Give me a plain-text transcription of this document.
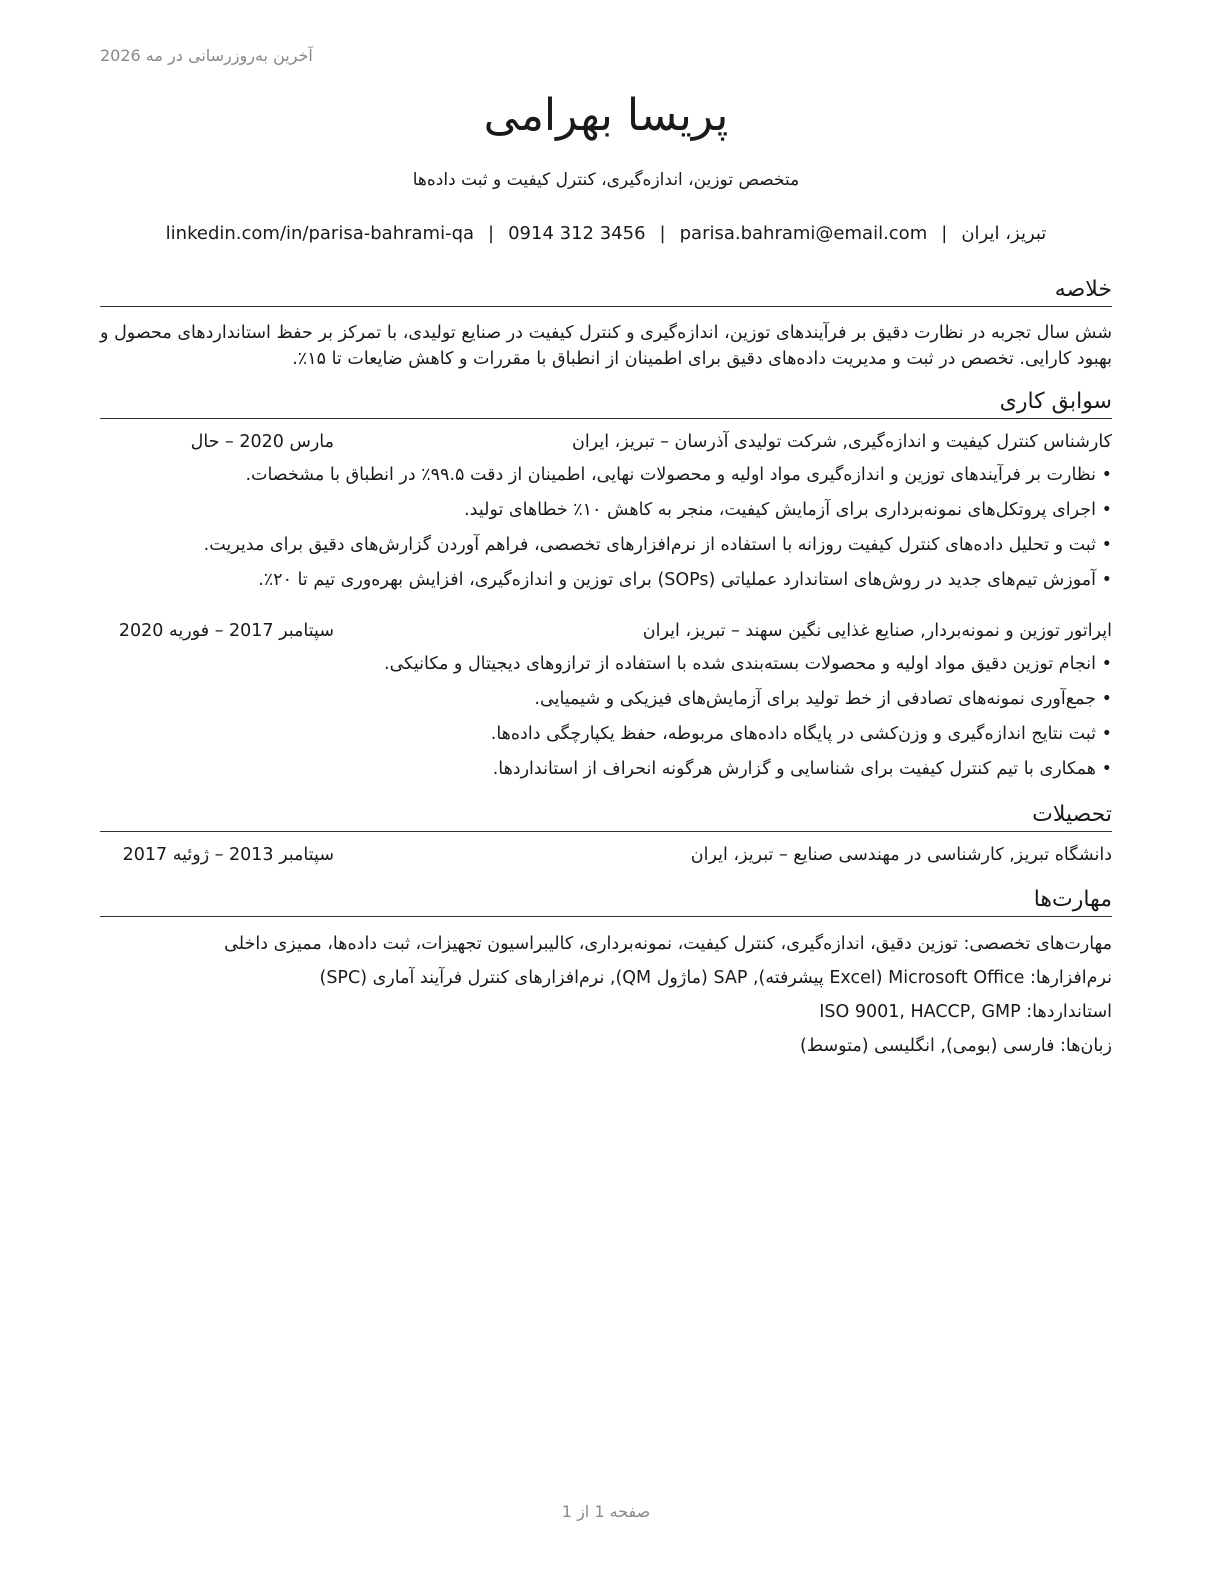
آخرین به‌روزرسانی در مه 2026
پریسا بهرامی
متخصص توزین، اندازه‌گیری، کنترل کیفیت و ثبت داده‌ها
تبریز، ایران|parisa.bahrami@email.com|0914 312 3456|linkedin.com/in/parisa-bahrami-qa
خلاصه
شش سال تجربه در نظارت دقیق بر فرآیندهای توزین، اندازه‌گیری و کنترل کیفیت در صنایع تولیدی، با تمرکز بر حفظ استانداردهای محصول و بهبود کارایی. تخصص در ثبت و مدیریت داده‌های دقیق برای اطمینان از انطباق با مقررات و کاهش ضایعات تا ۱۵٪.
سوابق کاری
کارشناس کنترل کیفیت و اندازه‌گیری, شرکت تولیدی آذرسان – تبریز، ایران
مارس 2020 – حال
•نظارت بر فرآیندهای توزین و اندازه‌گیری مواد اولیه و محصولات نهایی، اطمینان از دقت ۹۹.۵٪ در انطباق با مشخصات.
•اجرای پروتکل‌های نمونه‌برداری برای آزمایش کیفیت، منجر به کاهش ۱۰٪ خطاهای تولید.
•ثبت و تحلیل داده‌های کنترل کیفیت روزانه با استفاده از نرم‌افزارهای تخصصی، فراهم آوردن گزارش‌های دقیق برای مدیریت.
•آموزش تیم‌های جدید در روش‌های استاندارد عملیاتی (SOPs) برای توزین و اندازه‌گیری، افزایش بهره‌وری تیم تا ۲۰٪.
اپراتور توزین و نمونه‌بردار, صنایع غذایی نگین سهند – تبریز، ایران
سپتامبر 2017 – فوریه 2020
•انجام توزین دقیق مواد اولیه و محصولات بسته‌بندی شده با استفاده از ترازوهای دیجیتال و مکانیکی.
•جمع‌آوری نمونه‌های تصادفی از خط تولید برای آزمایش‌های فیزیکی و شیمیایی.
•ثبت نتایج اندازه‌گیری و وزن‌کشی در پایگاه داده‌های مربوطه، حفظ یکپارچگی داده‌ها.
•همکاری با تیم کنترل کیفیت برای شناسایی و گزارش هرگونه انحراف از استانداردها.
تحصیلات
دانشگاه تبریز, کارشناسی در مهندسی صنایع – تبریز، ایران
سپتامبر 2013 – ژوئیه 2017
مهارت‌ها
مهارت‌های تخصصی: توزین دقیق، اندازه‌گیری، کنترل کیفیت، نمونه‌برداری، کالیبراسیون تجهیزات، ثبت داده‌ها، ممیزی داخلی
نرم‌افزارها: Microsoft Office (Excel پیشرفته), SAP (ماژول QM), نرم‌افزارهای کنترل فرآیند آماری (SPC)
استانداردها: ISO 9001, HACCP, GMP
زبان‌ها: فارسی (بومی), انگلیسی (متوسط)
صفحه 1 از 1
